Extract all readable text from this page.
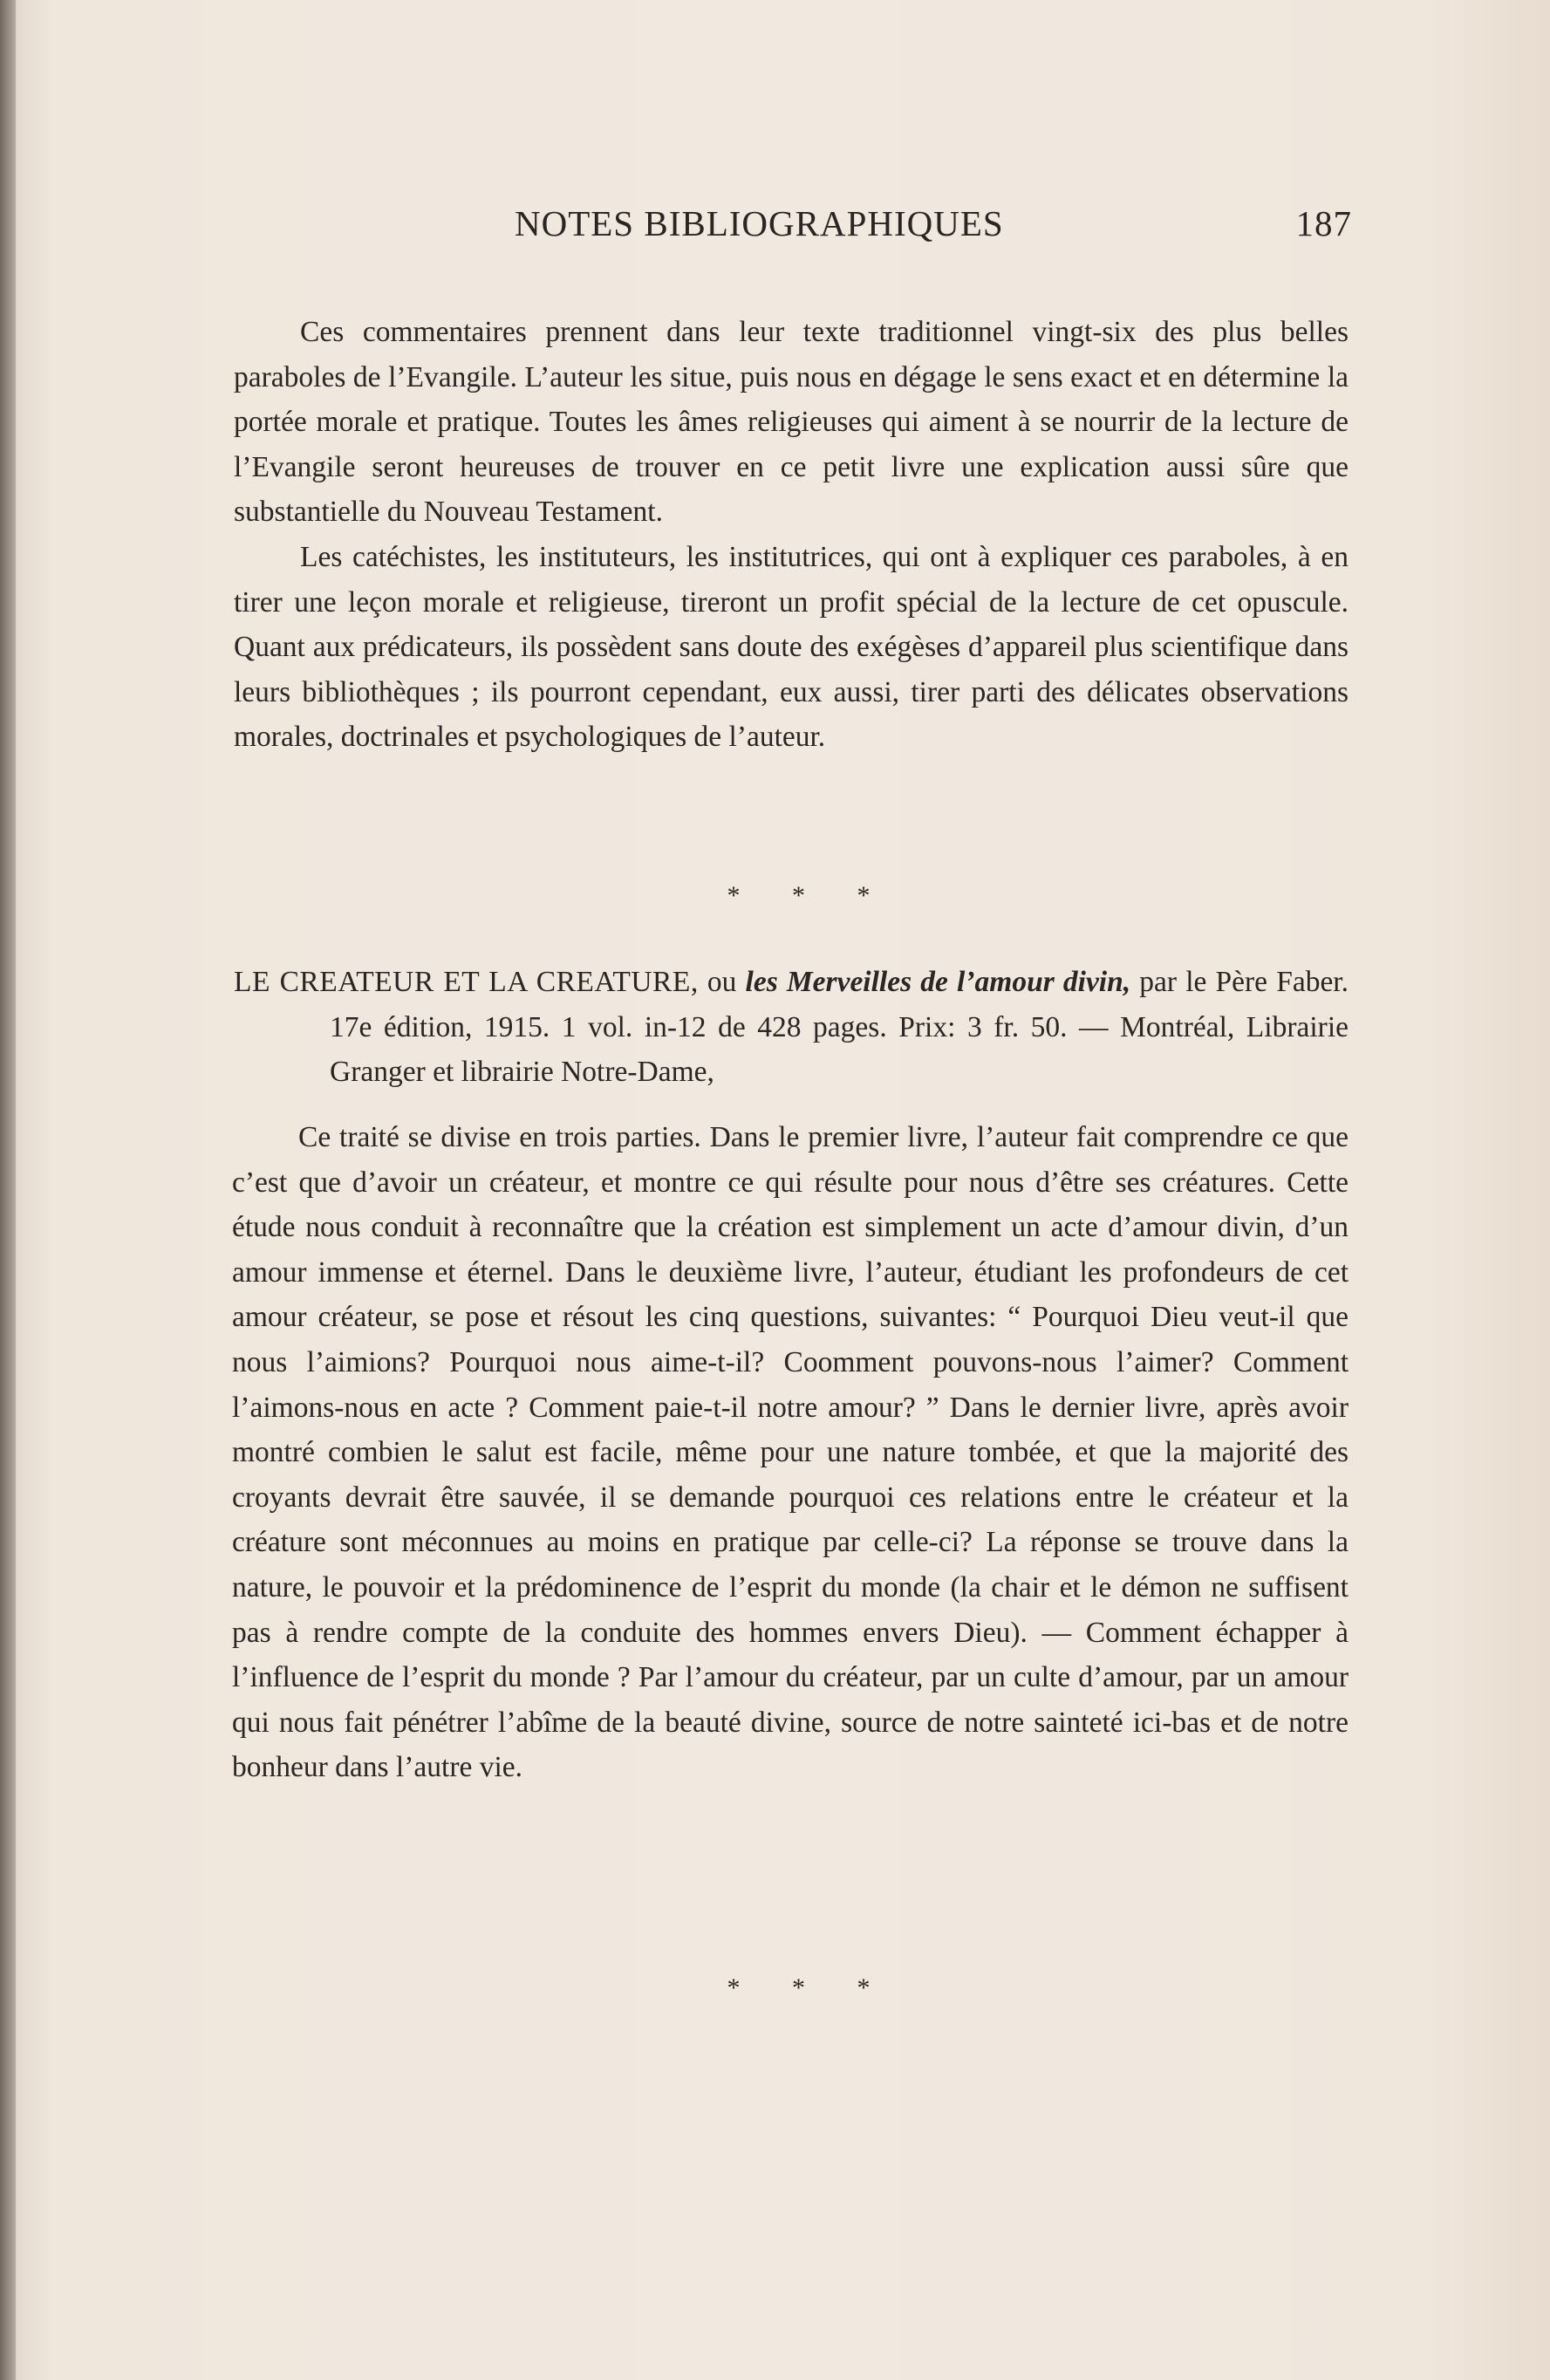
NOTES BIBLIOGRAPHIQUES	187

Ces commentaires prennent dans leur texte traditionnel vingt-six des plus belles paraboles de l’Evangile. L’auteur les situe, puis nous en dégage le sens exact et en détermine la portée morale et pratique. Toutes les âmes religieuses qui aiment à se nourrir de la lecture de l’Evangile seront heureuses de trouver en ce petit livre une explication aussi sûre que substantielle du Nouveau Testament.

Les catéchistes, les instituteurs, les institutrices, qui ont à expliquer ces paraboles, à en tirer une leçon morale et religieuse, tireront un profit spécial de la lecture de cet opuscule. Quant aux prédicateurs, ils possèdent sans doute des exégèses d’appareil plus scientifique dans leurs bibliothèques ; ils pourront cependant, eux aussi, tirer parti des délicates observations morales, doctrinales et psychologiques de l’auteur.

* * *
LE CREATEUR ET LA CREATURE, ou les Merveilles de l’amour divin, par le Père Faber. 17e édition, 1915. 1 vol. in-12 de 428 pages. Prix: 3 fr. 50. — Montréal, Librairie Granger et librairie Notre-Dame,

Ce traité se divise en trois parties. Dans le premier livre, l’auteur fait comprendre ce que c’est que d’avoir un créateur, et montre ce qui résulte pour nous d’être ses créatures. Cette étude nous conduit à reconnaître que la création est simplement un acte d’amour divin, d’un amour immense et éternel. Dans le deuxième livre, l’auteur, étudiant les profondeurs de cet amour créateur, se pose et résout les cinq questions, suivantes: “ Pourquoi Dieu veut-il que nous l’aimions? Pourquoi nous aime-t-il? Coomment pouvons-nous l’aimer? Comment l’aimons-nous en acte ? Comment paie-t-il notre amour? ” Dans le dernier livre, après avoir montré combien le salut est facile, même pour une nature tombée, et que la majorité des croyants devrait être sauvée, il se demande pourquoi ces relations entre le créateur et la créature sont méconnues au moins en pratique par celle-ci? La réponse se trouve dans la nature, le pouvoir et la prédominence de l’esprit du monde (la chair et le démon ne suffisent pas à rendre compte de la conduite des hommes envers Dieu). — Comment échapper à l’influence de l’esprit du monde ? Par l’amour du créateur, par un culte d’amour, par un amour qui nous fait pénétrer l’abîme de la beauté divine, source de notre sainteté ici-bas et de notre bonheur dans l’autre vie.

* * *
